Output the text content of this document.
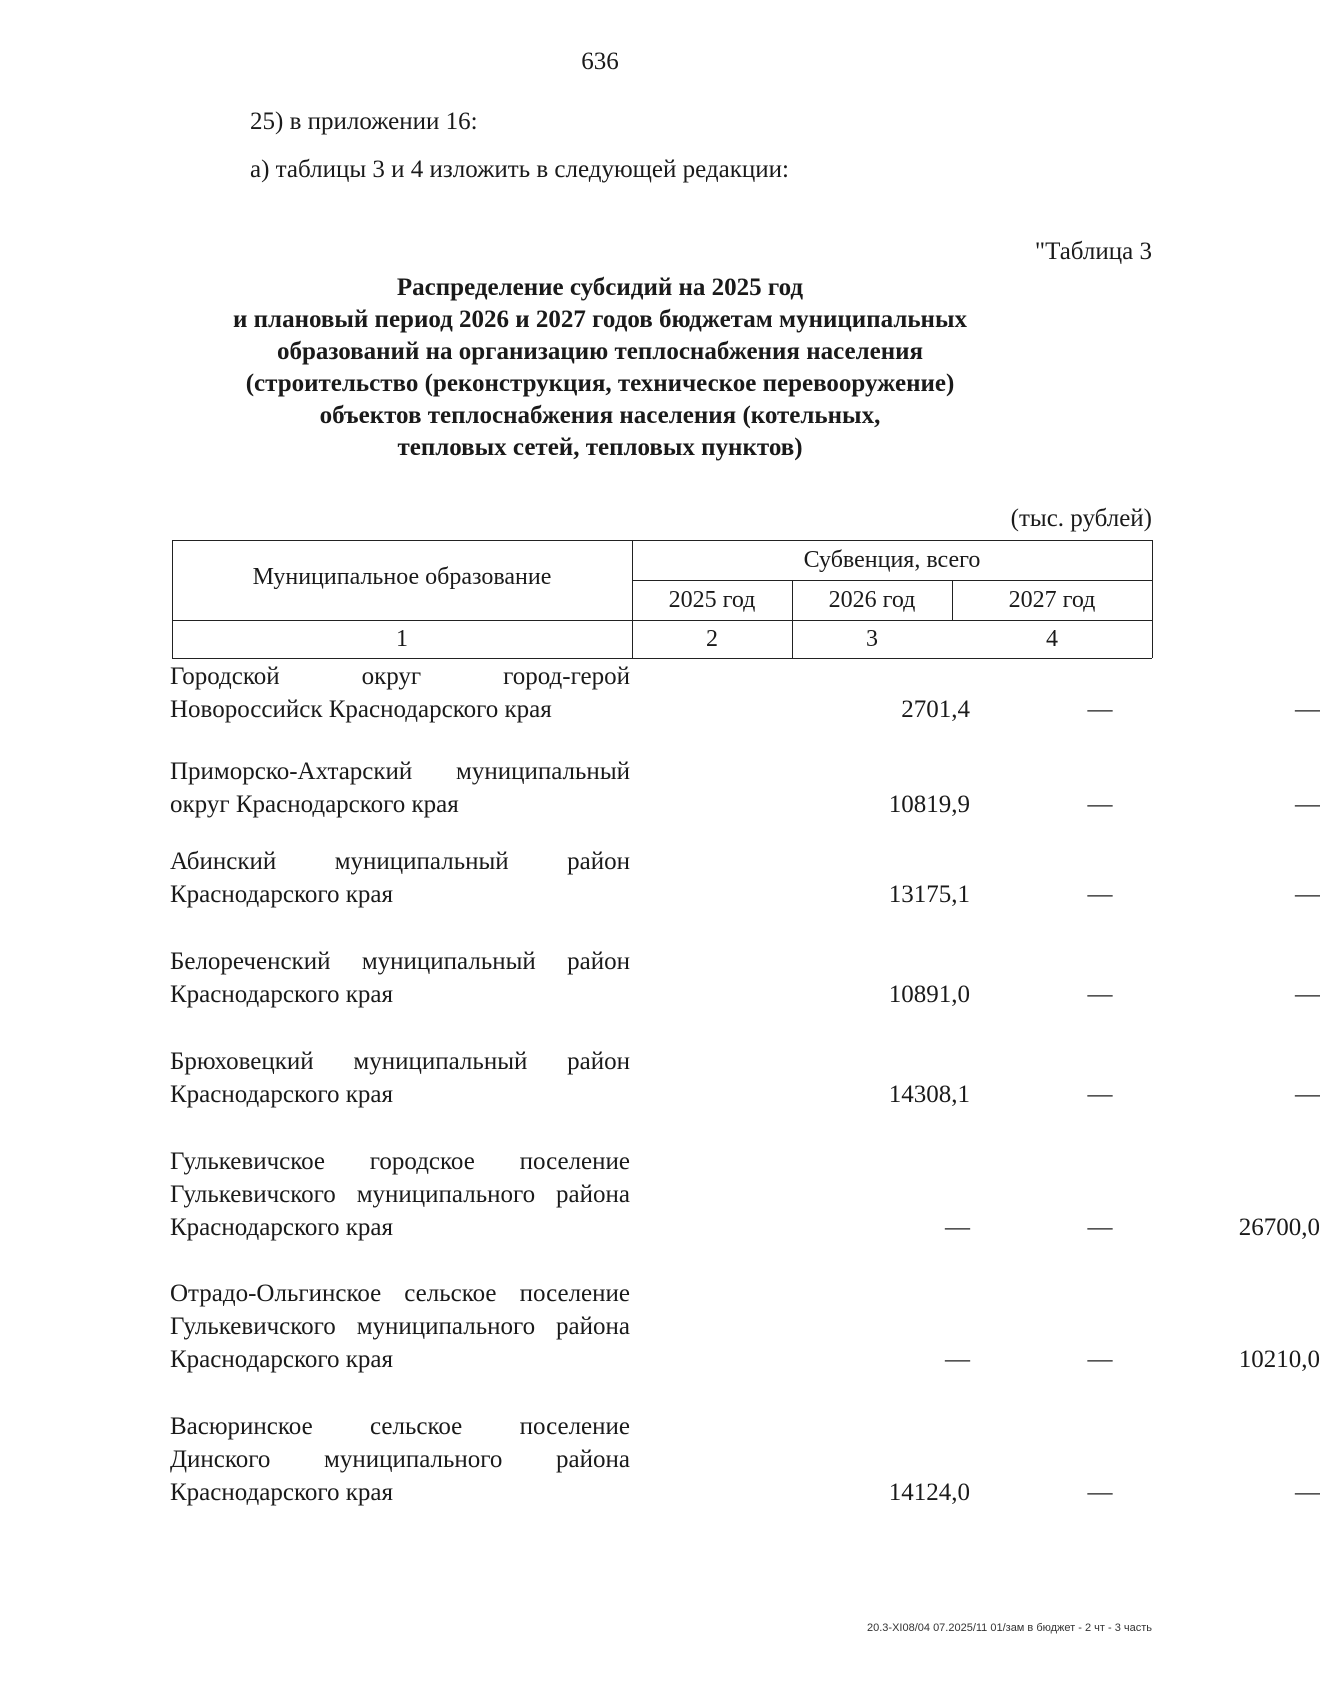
636
25) в приложении 16:
а) таблицы 3 и 4 изложить в следующей редакции:
"Таблица 3
Распределение субсидий на 2025 год
и плановый период 2026 и 2027 годов бюджетам муниципальных
образований на организацию теплоснабжения населения
(строительство (реконструкция, техническое перевооружение)
объектов теплоснабжения населения (котельных,
тепловых сетей, тепловых пунктов)
(тыс. рублей)
Муниципальное образование
Субвенция, всего
2025 год	2026 год	2027 год
1	2	3	4
Городской округ город-герой Новороссийск Краснодарского края	2701,4	—	—
Приморско-Ахтарский муниципальный округ Краснодарского края	10819,9	—	—
Абинский муниципальный район Краснодарского края	13175,1	—	—
Белореченский муниципальный район Краснодарского края	10891,0	—	—
Брюховецкий муниципальный район Краснодарского края	14308,1	—	—
Гулькевичское городское поселение Гулькевичского муниципального района Краснодарского края	—	—	26700,0
Отрадо-Ольгинское сельское поселение Гулькевичского муниципального района Краснодарского края	—	—	10210,0
Васюринское сельское поселение Динского муниципального района Краснодарского края	14124,0	—	—
20.3-XI08/04 07.2025/11 01/зам в бюджет - 2 чт - 3 часть
